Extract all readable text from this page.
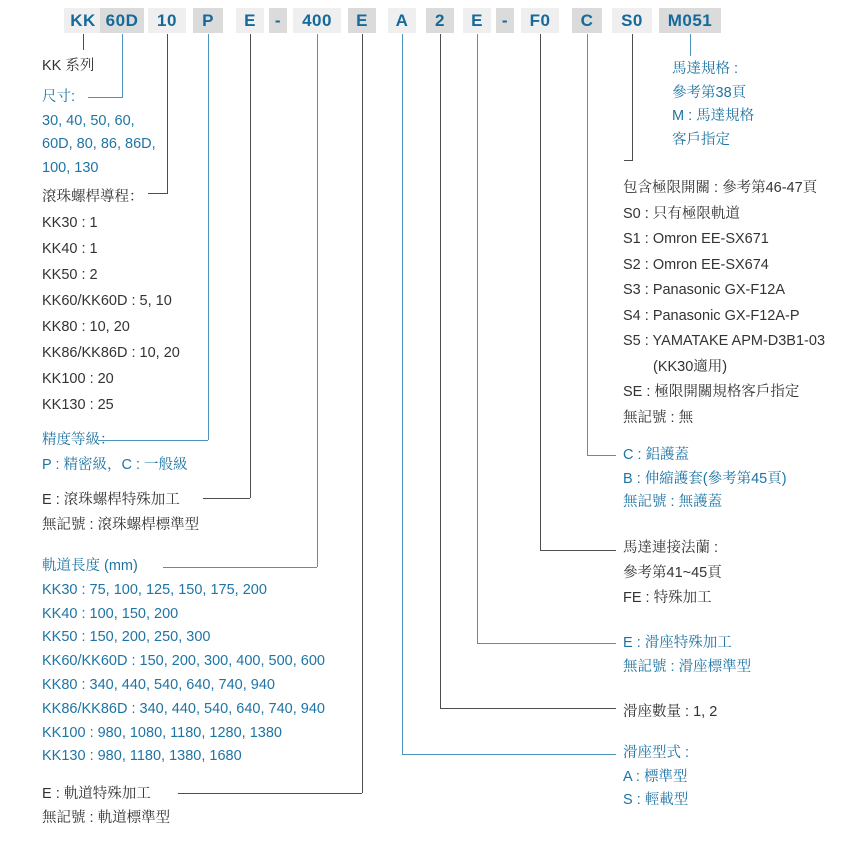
KK 60D	10	P	E	-	400	E	A	2	E	-	F0	C	S0	M051
KK 系列
尺寸:
30, 40, 50, 60,
60D, 80, 86, 86D,
100, 130
滾珠螺桿導程：
KK30 : 1
KK40 : 1
KK50 : 2
KK60/KK60D : 5, 10
KK80 : 10, 20
KK86/KK86D : 10, 20
KK100 : 20
KK130 : 25
精度等級：
P : 精密級，C : 一般級
E : 滾珠螺桿特殊加工
無記號 : 滾珠螺桿標準型
軌道長度 (mm)
KK30 : 75, 100, 125, 150, 175, 200
KK40 : 100, 150, 200
KK50 : 150, 200, 250, 300
KK60/KK60D : 150, 200, 300, 400, 500, 600
KK80 : 340, 440, 540, 640, 740, 940
KK86/KK86D : 340, 440, 540, 640, 740, 940
KK100 : 980, 1080, 1180, 1280, 1380
KK130 : 980, 1180, 1380, 1680
E : 軌道特殊加工
無記號 : 軌道標準型
馬達規格 :
參考第38頁
M : 馬達規格
客戶指定
包含極限開關 : 參考第46-47頁
S0 : 只有極限軌道
S1 : Omron EE-SX671
S2 : Omron EE-SX674
S3 : Panasonic GX-F12A
S4 : Panasonic GX-F12A-P
S5 : YAMATAKE APM-D3B1-03
(KK30適用)
SE : 極限開關規格客戶指定
無記號 : 無
C : 鋁護蓋
B : 伸縮護套(參考第45頁)
無記號 : 無護蓋
馬達連接法蘭 :
參考第41~45頁
FE : 特殊加工
E : 滑座特殊加工
無記號 : 滑座標準型
滑座數量 : 1, 2
滑座型式 :
A : 標準型
S : 輕載型
